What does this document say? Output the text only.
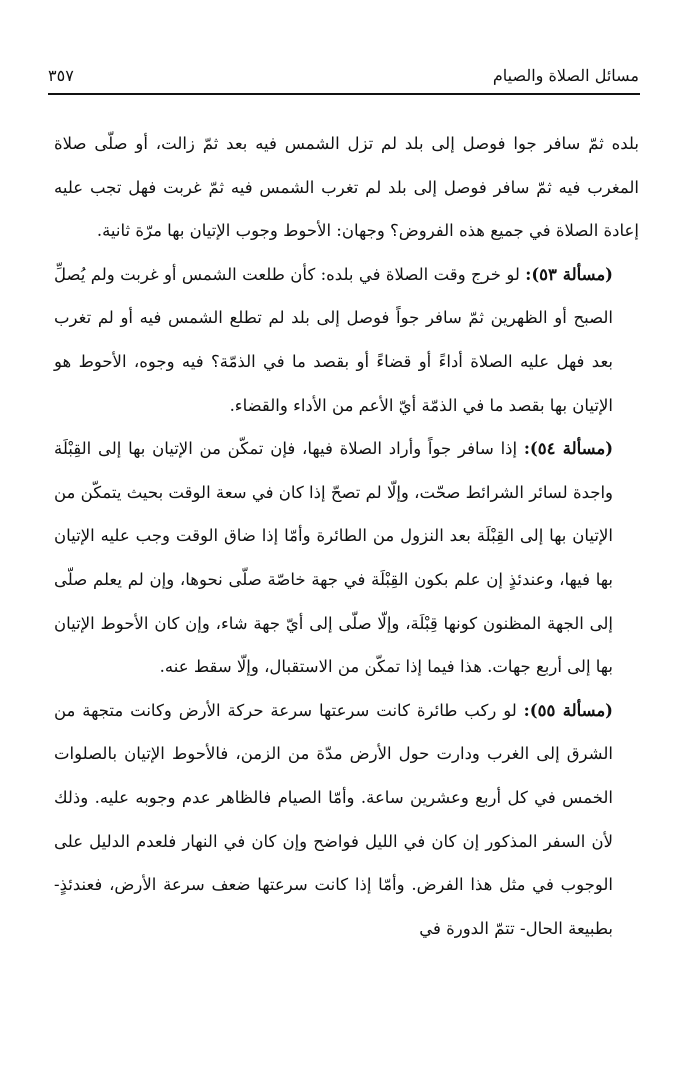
مسائل الصلاة والصيام
٣٥٧

بلده ثمّ سافر جوا فوصل إلى بلد لم تزل الشمس فيه بعد ثمّ زالت، أو صلّى صلاة المغرب فيه ثمّ سافر فوصل إلى بلد لم تغرب الشمس فيه ثمّ غربت فهل تجب عليه إعادة الصلاة في جميع هذه الفروض؟ وجهان: الأحوط وجوب الإتيان بها مرّة ثانية.

(مسألة ٥٣): لو خرج وقت الصلاة في بلده: كأن طلعت الشمس أو غربت ولم يُصلِّ الصبح أو الظهرين ثمّ سافر جواً فوصل إلى بلد لم تطلع الشمس فيه أو لم تغرب بعد فهل عليه الصلاة أداءً أو قضاءً أو بقصد ما في الذمّة؟ فيه وجوه، الأحوط هو الإتيان بها بقصد ما في الذمّة أيّ الأعم من الأداء والقضاء.

(مسألة ٥٤): إذا سافر جواً وأراد الصلاة فيها، فإن تمكّن من الإتيان بها إلى القِبْلَة واجدة لسائر الشرائط صحّت، وإلّا لم تصحّ إذا كان في سعة الوقت بحيث يتمكّن من الإتيان بها إلى القِبْلَة بعد النزول من الطائرة وأمّا إذا ضاق الوقت وجب عليه الإتيان بها فيها، وعندئذٍ إن علم بكون القِبْلَة في جهة خاصّة صلّى نحوها، وإن لم يعلم صلّى إلى الجهة المظنون كونها قِبْلَة، وإلّا صلّى إلى أيّ جهة شاء، وإن كان الأحوط الإتيان بها إلى أربع جهات. هذا فيما إذا تمكّن من الاستقبال، وإلّا سقط عنه.

(مسألة ٥٥): لو ركب طائرة كانت سرعتها سرعة حركة الأرض وكانت متجهة من الشرق إلى الغرب ودارت حول الأرض مدّة من الزمن، فالأحوط الإتيان بالصلوات الخمس في كل أربع وعشرين ساعة. وأمّا الصيام فالظاهر عدم وجوبه عليه. وذلك لأن السفر المذكور إن كان في الليل فواضح وإن كان في النهار فلعدم الدليل على الوجوب في مثل هذا الفرض. وأمّا إذا كانت سرعتها ضعف سرعة الأرض، فعندئذٍ- بطبيعة الحال- تتمّ الدورة في
